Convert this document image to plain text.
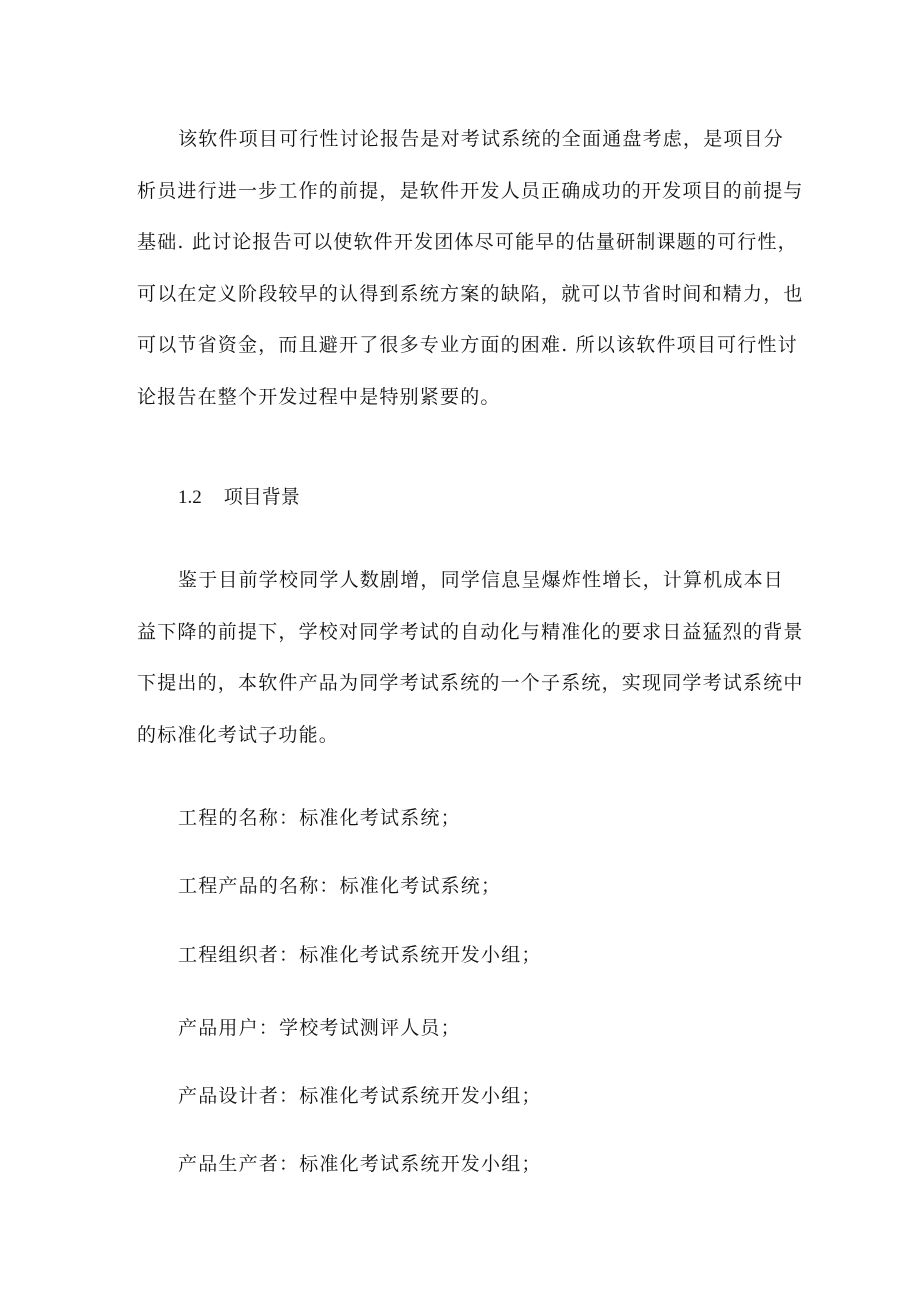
该软件项目可行性讨论报告是对考试系统的全面通盘考虑，是项目分
析员进行进一步工作的前提，是软件开发人员正确成功的开发项目的前提与
基础. 此讨论报告可以使软件开发团体尽可能早的估量研制课题的可行性，
可以在定义阶段较早的认得到系统方案的缺陷，就可以节省时间和精力，也
可以节省资金，而且避开了很多专业方面的困难. 所以该软件项目可行性讨
论报告在整个开发过程中是特别紧要的。

1.2 项目背景

鉴于目前学校同学人数剧增，同学信息呈爆炸性增长，计算机成本日
益下降的前提下，学校对同学考试的自动化与精准化的要求日益猛烈的背景
下提出的，本软件产品为同学考试系统的一个子系统，实现同学考试系统中
的标准化考试子功能。

工程的名称：标准化考试系统；

工程产品的名称：标准化考试系统；

工程组织者：标准化考试系统开发小组；

产品用户：学校考试测评人员；

产品设计者：标准化考试系统开发小组；

产品生产者：标准化考试系统开发小组；
